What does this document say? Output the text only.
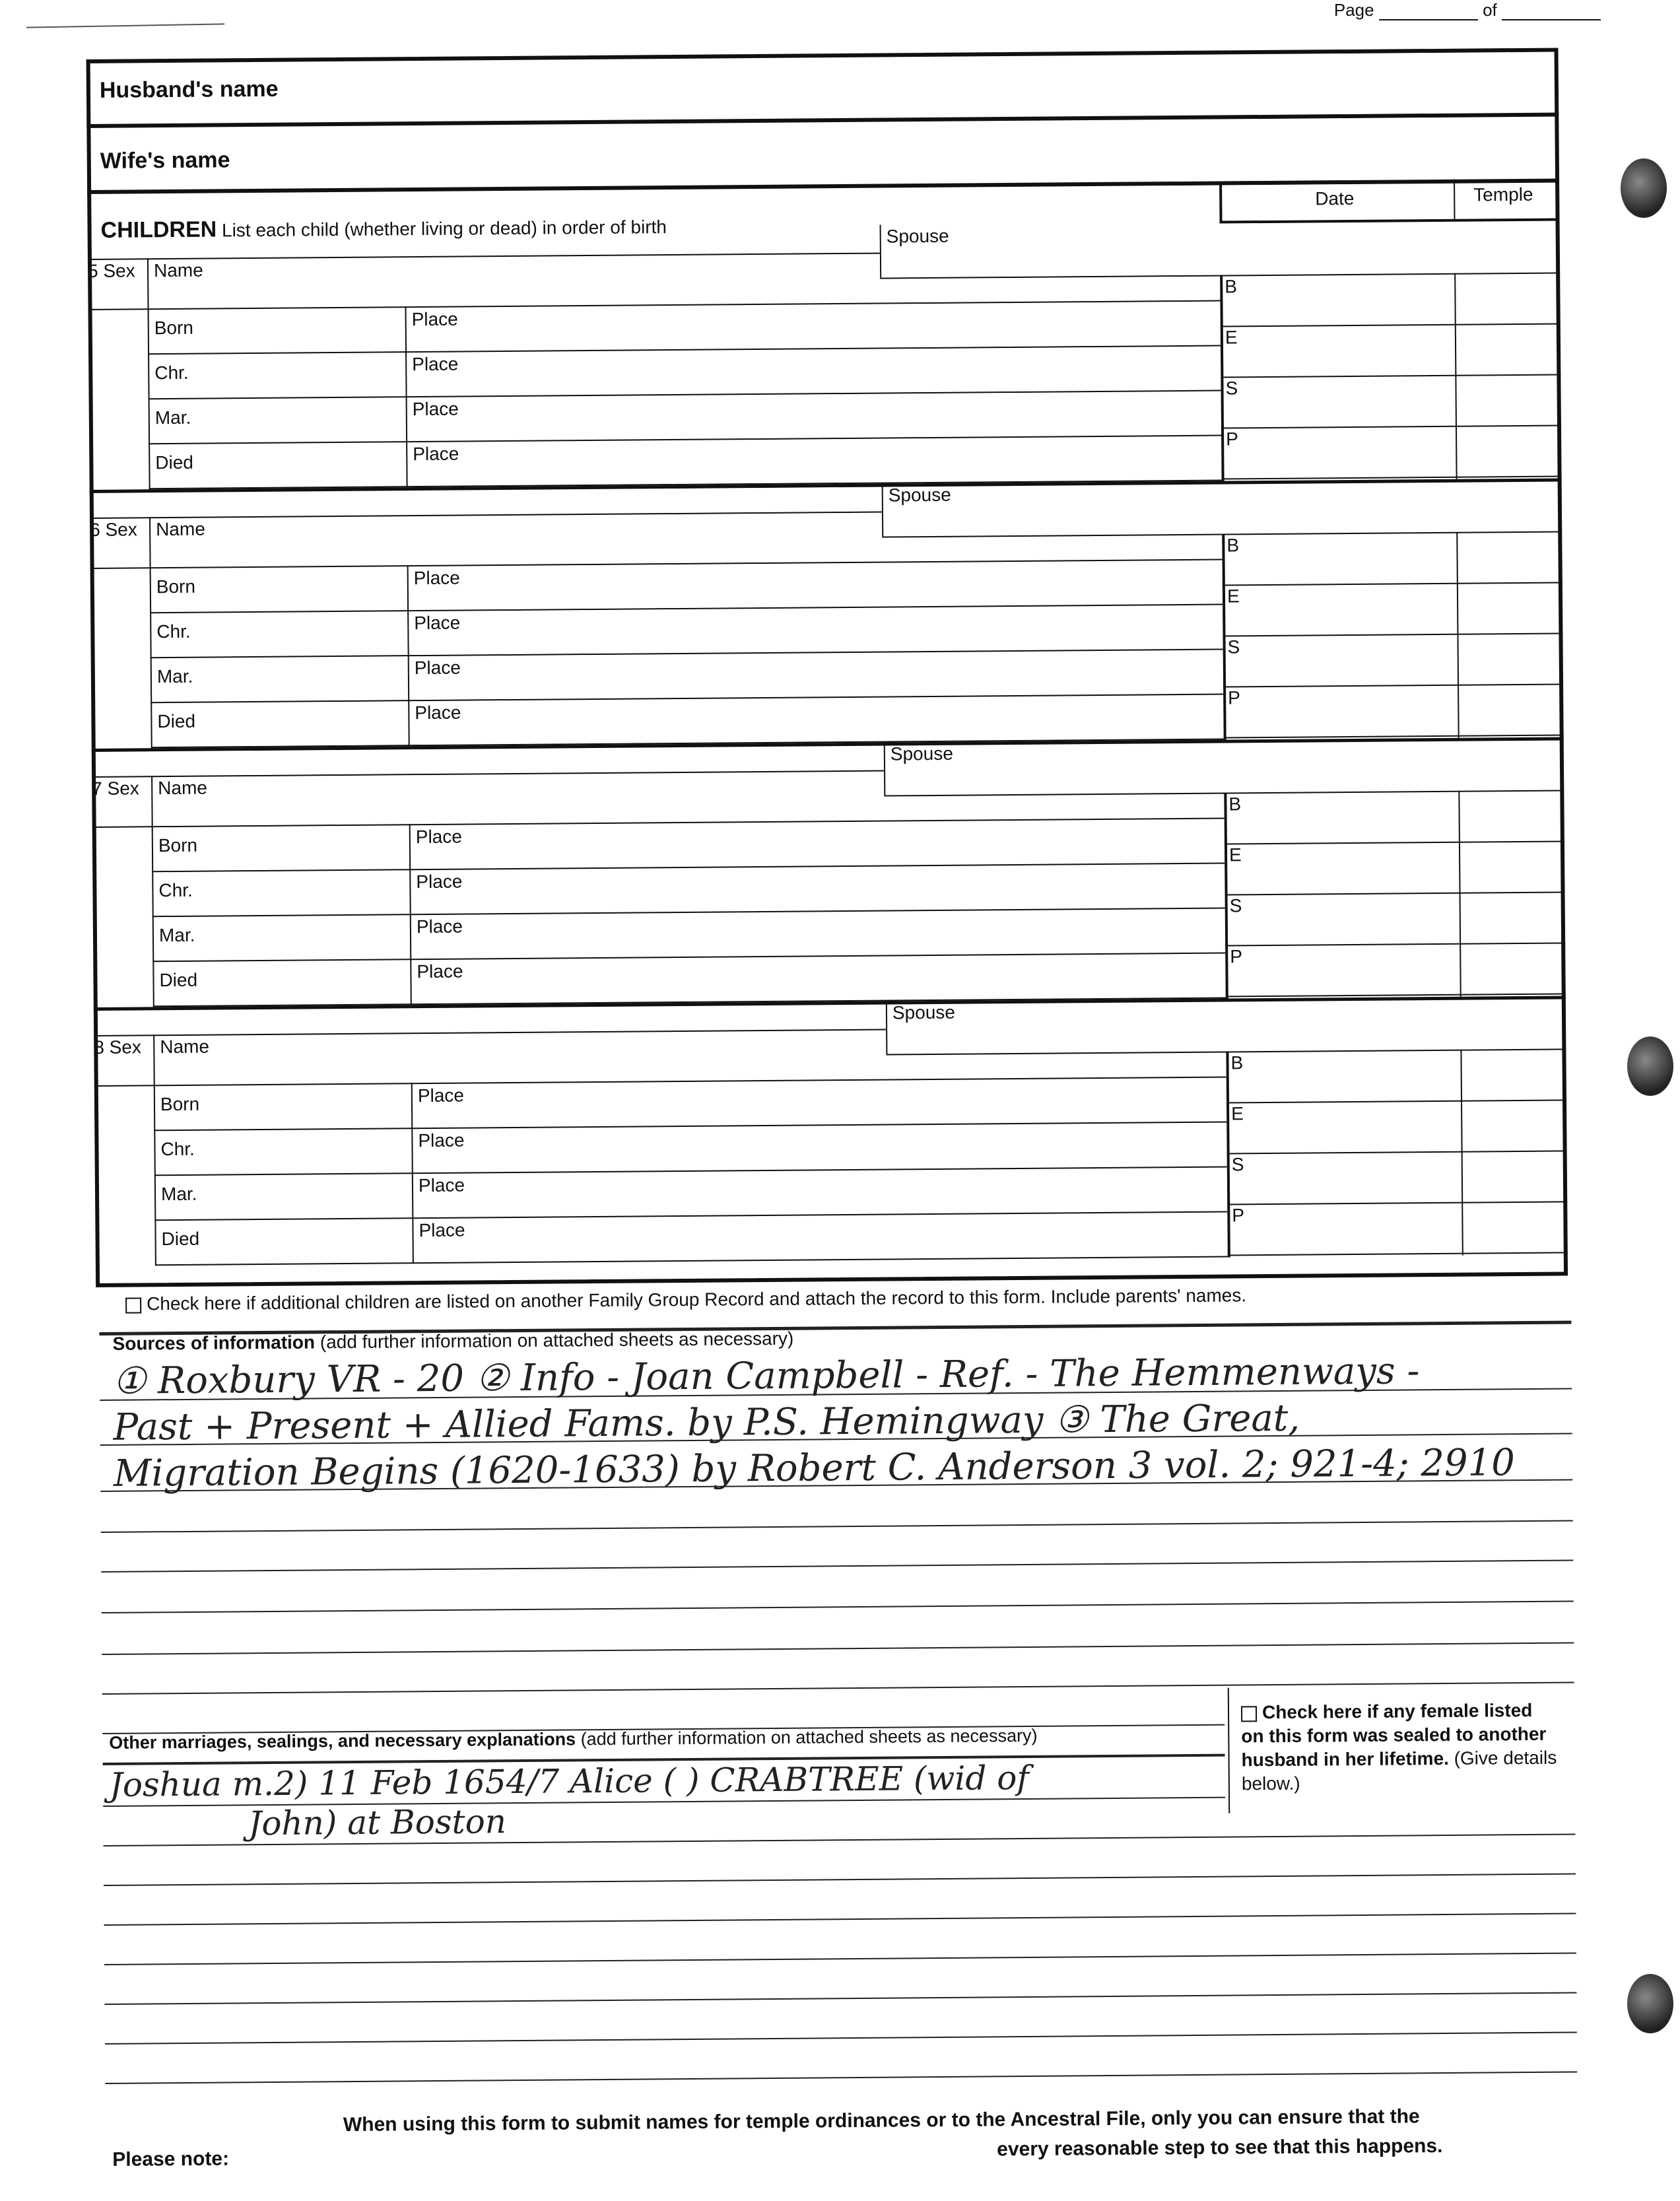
Page	of
Husband's name
Wife's name
CHILDREN List each child (whether living or dead) in order of birth
Date	Temple
Spouse
5 Sex Name
Born	Place
B
Chr.	Place
E
Mar.	Place
S
Died	Place
P
Spouse
6 Sex Name
Born	Place
B
Chr.	Place
E
Mar.	Place
S
Died	Place
P
Spouse
7 Sex Name
Born	Place
B
Chr.	Place
E
Mar.	Place
S
Died	Place
P
Spouse
8 Sex Name
Born	Place
B
Chr.	Place
E
Mar.	Place
S
Died	Place
P
Check here if additional children are listed on another Family Group Record and attach the record to this form. Include parents' names.
Sources of information (add further information on attached sheets as necessary)
① Roxbury VR - 20 ② Info - Joan Campbell - Ref. - The Hemmenways -
Past + Present + Allied Fams. by P.S. Hemingway ③ The Great,
Migration Begins (1620-1633) by Robert C. Anderson 3 vol. 2; 921-4; 2910
Other marriages, sealings, and necessary explanations (add further information on attached sheets as necessary)
Check here if any female listed on this form was sealed to another husband in her lifetime. (Give details below.)
Joshua m.2) 11 Feb 1654/7 Alice ( ) CRABTREE (wid of
John) at Boston
When using this form to submit names for temple ordinances or to the Ancestral File, only you can ensure that the
Please note:	every reasonable step to see that this happens.
